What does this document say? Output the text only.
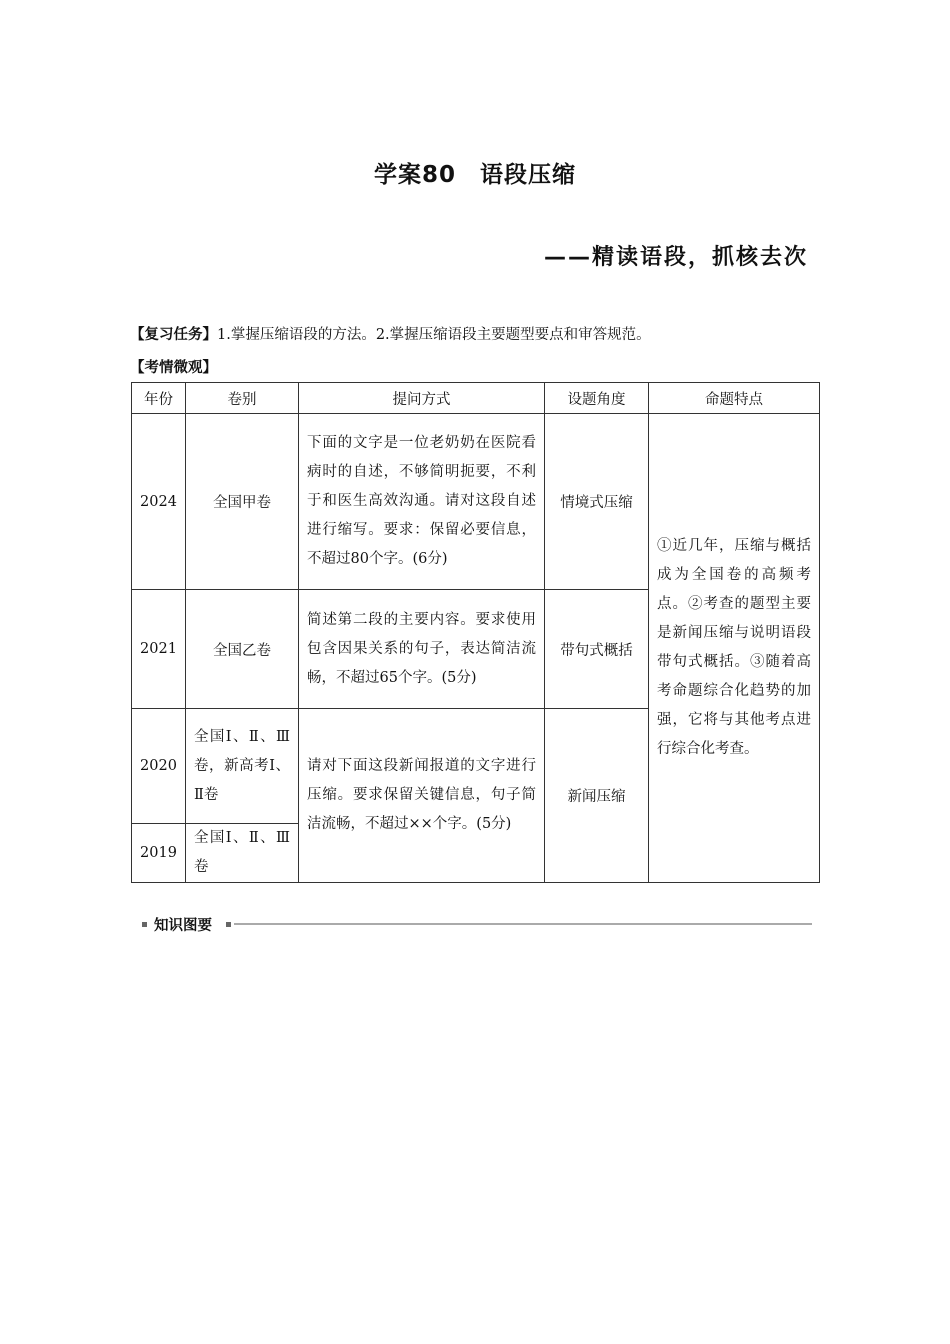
学案80　语段压缩
——精读语段，抓核去次
【复习任务】1.掌握压缩语段的方法。2.掌握压缩语段主要题型要点和审答规范。
【考情微观】
年份	卷别	提问方式	设题角度	命题特点
2024	全国甲卷	下面的文字是一位老奶奶在医院看病时的自述，不够简明扼要，不利于和医生高效沟通。请对这段自述进行缩写。要求：保留必要信息，不超过80个字。(6分)	情境式压缩	①近几年，压缩与概括成为全国卷的高频考点。②考查的题型主要是新闻压缩与说明语段带句式概括。③随着高考命题综合化趋势的加强，它将与其他考点进行综合化考查。
2021	全国乙卷	简述第二段的主要内容。要求使用包含因果关系的句子，表达简洁流畅，不超过65个字。(5分)	带句式概括	
2020	全国Ⅰ、Ⅱ、Ⅲ卷，新高考Ⅰ、Ⅱ卷	请对下面这段新闻报道的文字进行压缩。要求保留关键信息，句子简洁流畅，不超过××个字。(5分)	新闻压缩	
2019	全国Ⅰ、Ⅱ、Ⅲ卷			
知识图要
